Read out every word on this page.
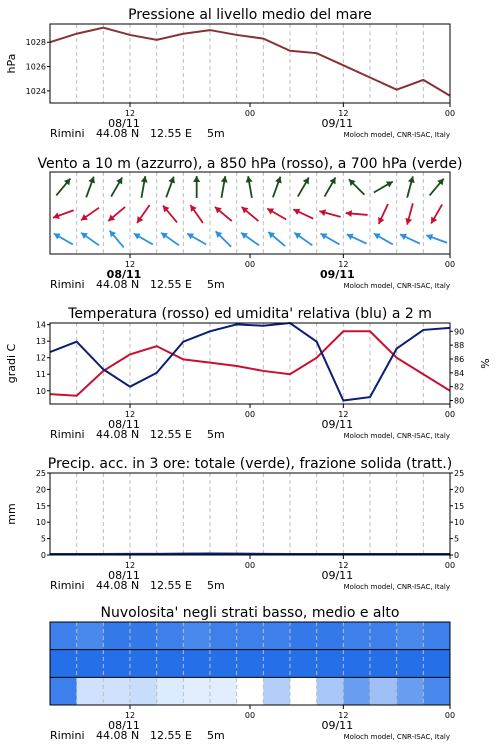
1024
1026
1028
hPa
Pressione al livello medio del mare
12	00	12	00
08/11	09/11
Rimini 44.08 N 12.55 E 5m	Moloch model, CNR-ISAC, Italy
Vento a 10 m (azzurro), a 850 hPa (rosso), a 700 hPa (verde)
12	00	12	00
08/11	09/11
Rimini 44.08 N 12.55 E 5m	Moloch model, CNR-ISAC, Italy
10
11
12
13
14
80
82
84
86
88
90
gradi C	%
Temperatura (rosso) ed umidita' relativa (blu) a 2 m
12	00	12	00
08/11	09/11
Rimini 44.08 N 12.55 E 5m	Moloch model, CNR-ISAC, Italy
0	0
5	5
10	10
15	15
20	20
25	25
mm
Precip. acc. in 3 ore: totale (verde), frazione solida (tratt.)
12	00	12	00
08/11	09/11
Rimini 44.08 N 12.55 E 5m	Moloch model, CNR-ISAC, Italy
Nuvolosita' negli strati basso, medio e alto
12	00	12	00
08/11	09/11
Rimini 44.08 N 12.55 E 5m	Moloch model, CNR-ISAC, Italy
